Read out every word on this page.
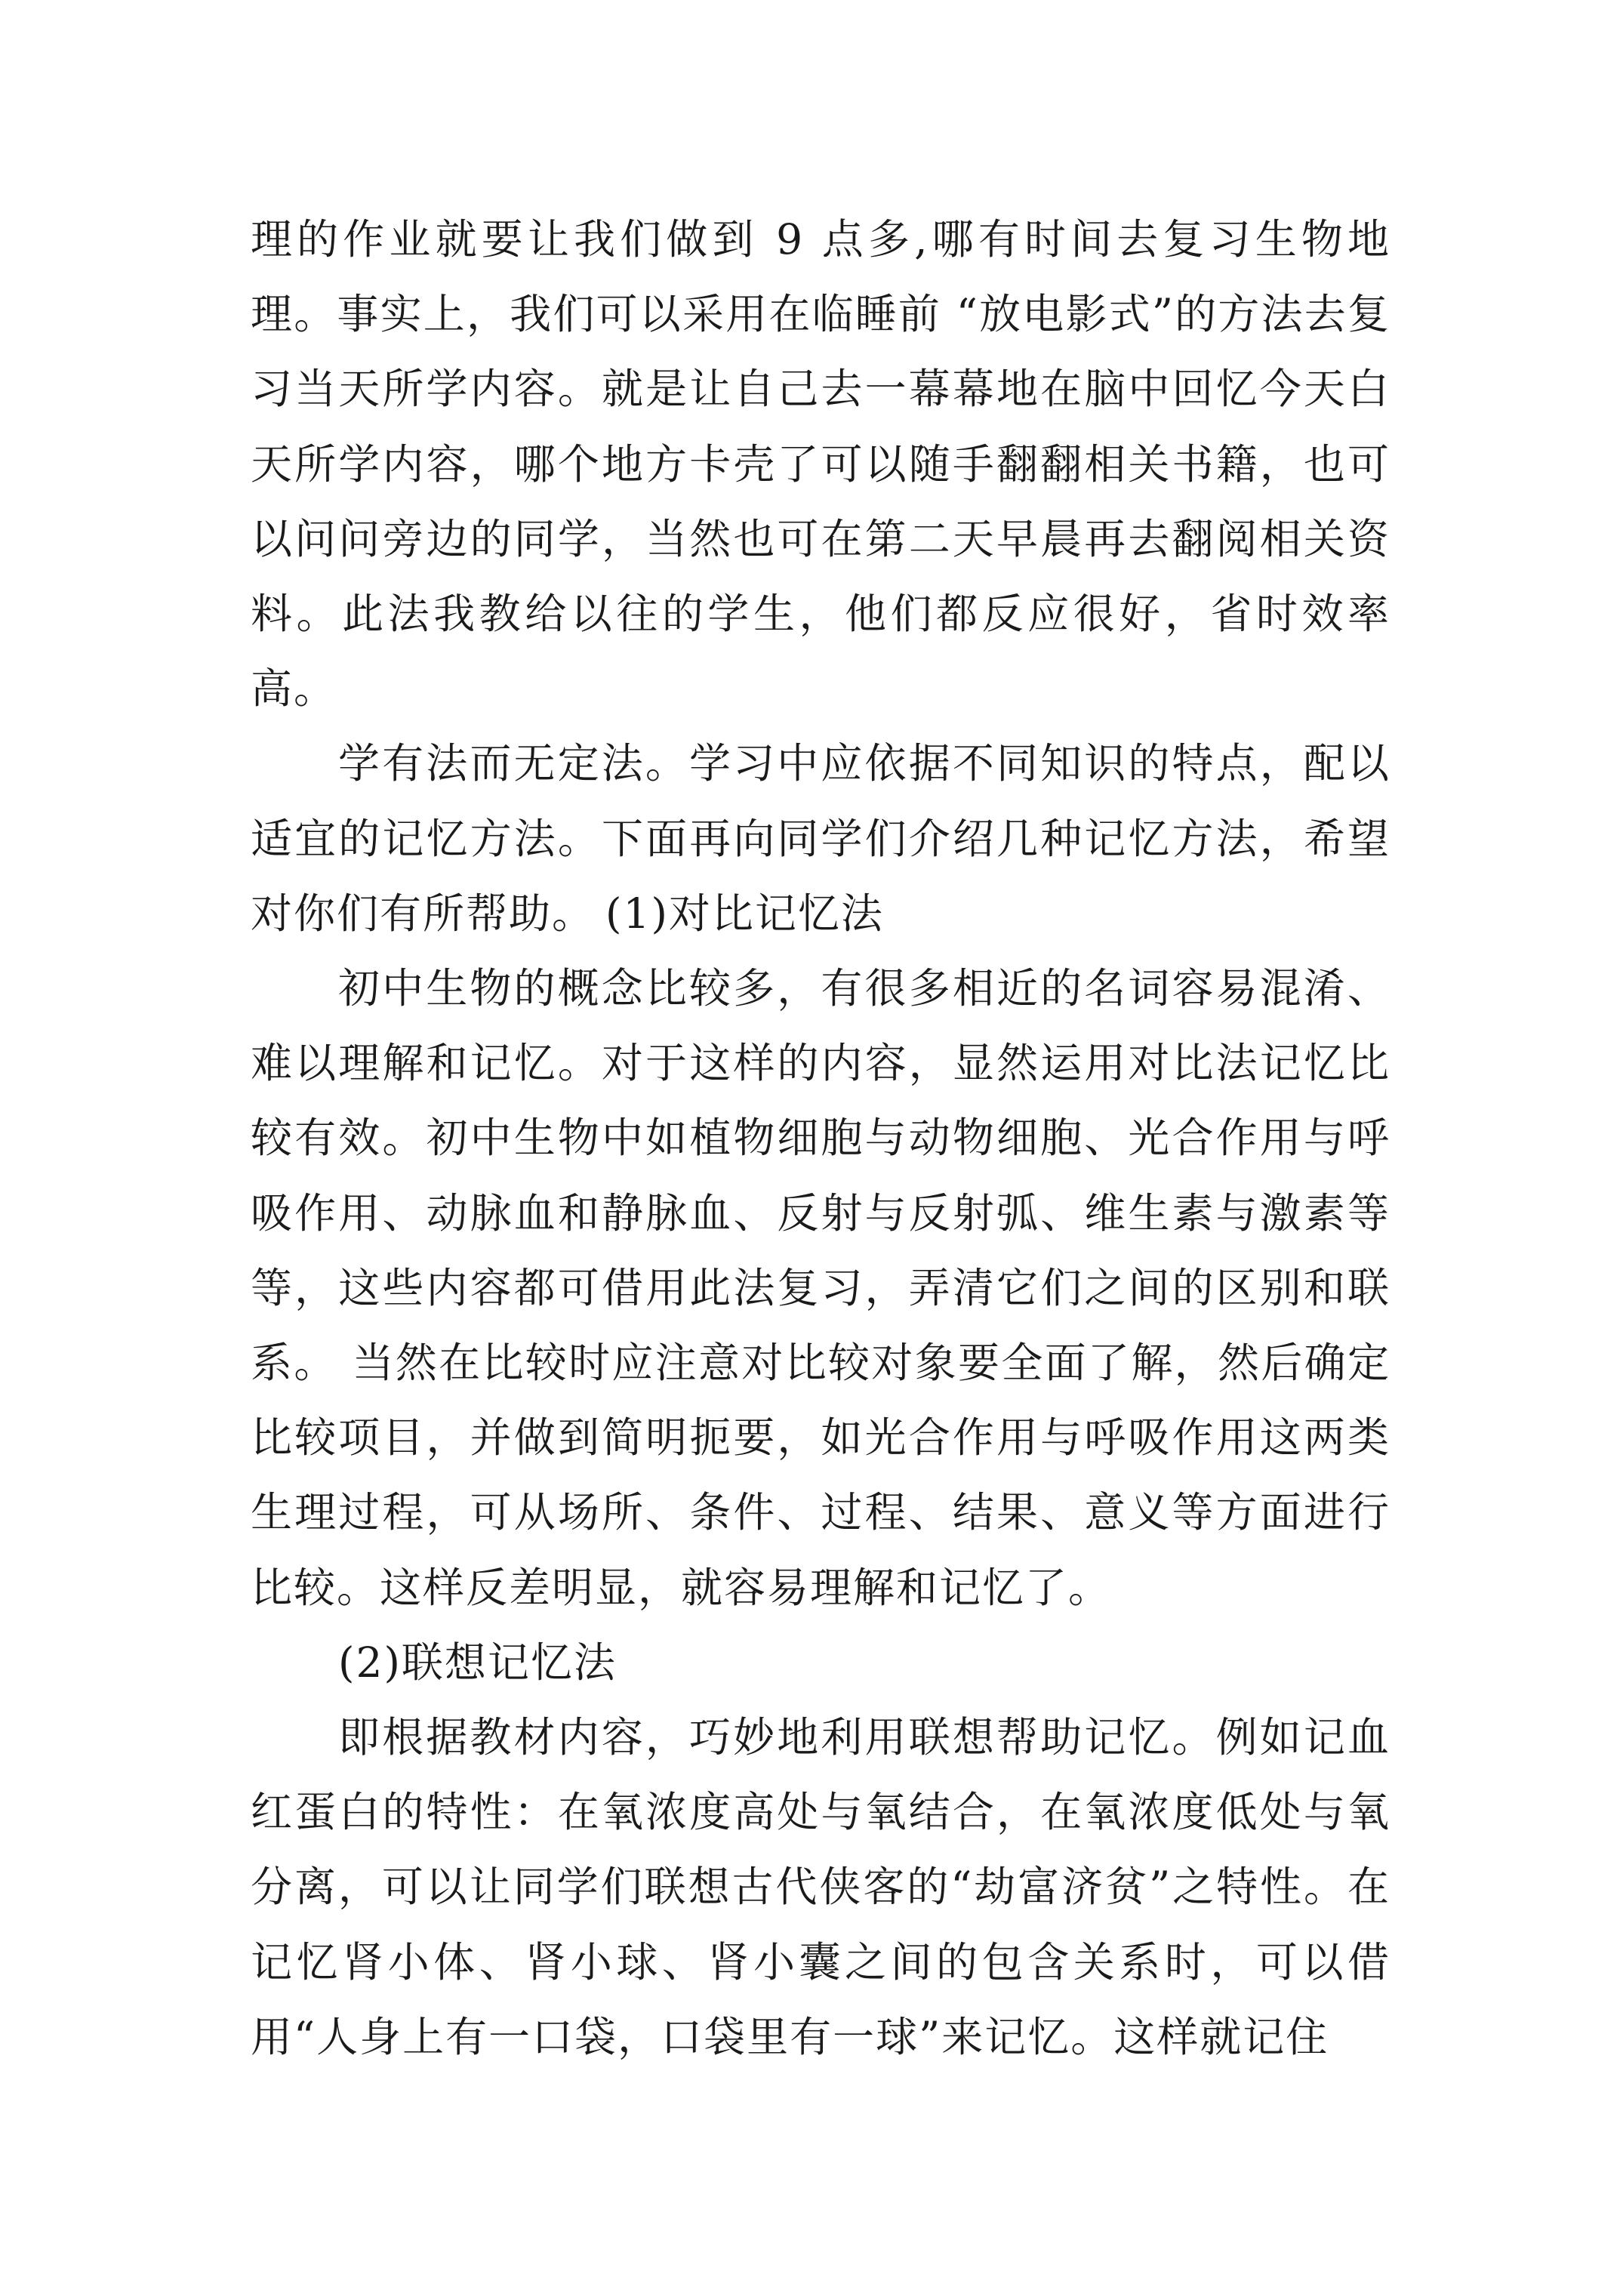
理的作业就要让我们做到 9 点多,哪有时间去复习生物地理。事实上，我们可以采用在临睡前 “放电影式”的方法去复习当天所学内容。就是让自己去一幕幕地在脑中回忆今天白天所学内容，哪个地方卡壳了可以随手翻翻相关书籍，也可以问问旁边的同学，当然也可在第二天早晨再去翻阅相关资料。此法我教给以往的学生，他们都反应很好，省时效率高。

学有法而无定法。学习中应依据不同知识的特点，配以适宜的记忆方法。下面再向同学们介绍几种记忆方法，希望对你们有所帮助。 (1)对比记忆法

初中生物的概念比较多，有很多相近的名词容易混淆、难以理解和记忆。对于这样的内容，显然运用对比法记忆比较有效。初中生物中如植物细胞与动物细胞、光合作用与呼吸作用、动脉血和静脉血、反射与反射弧、维生素与激素等等，这些内容都可借用此法复习，弄清它们之间的区别和联系。 当然在比较时应注意对比较对象要全面了解，然后确定比较项目，并做到简明扼要，如光合作用与呼吸作用这两类生理过程，可从场所、条件、过程、结果、意义等方面进行比较。这样反差明显，就容易理解和记忆了。

(2)联想记忆法

即根据教材内容，巧妙地利用联想帮助记忆。例如记血红蛋白的特性：在氧浓度高处与氧结合，在氧浓度低处与氧分离，可以让同学们联想古代侠客的“劫富济贫”之特性。在记忆肾小体、肾小球、肾小囊之间的包含关系时，可以借用“人身上有一口袋，口袋里有一球”来记忆。这样就记住
